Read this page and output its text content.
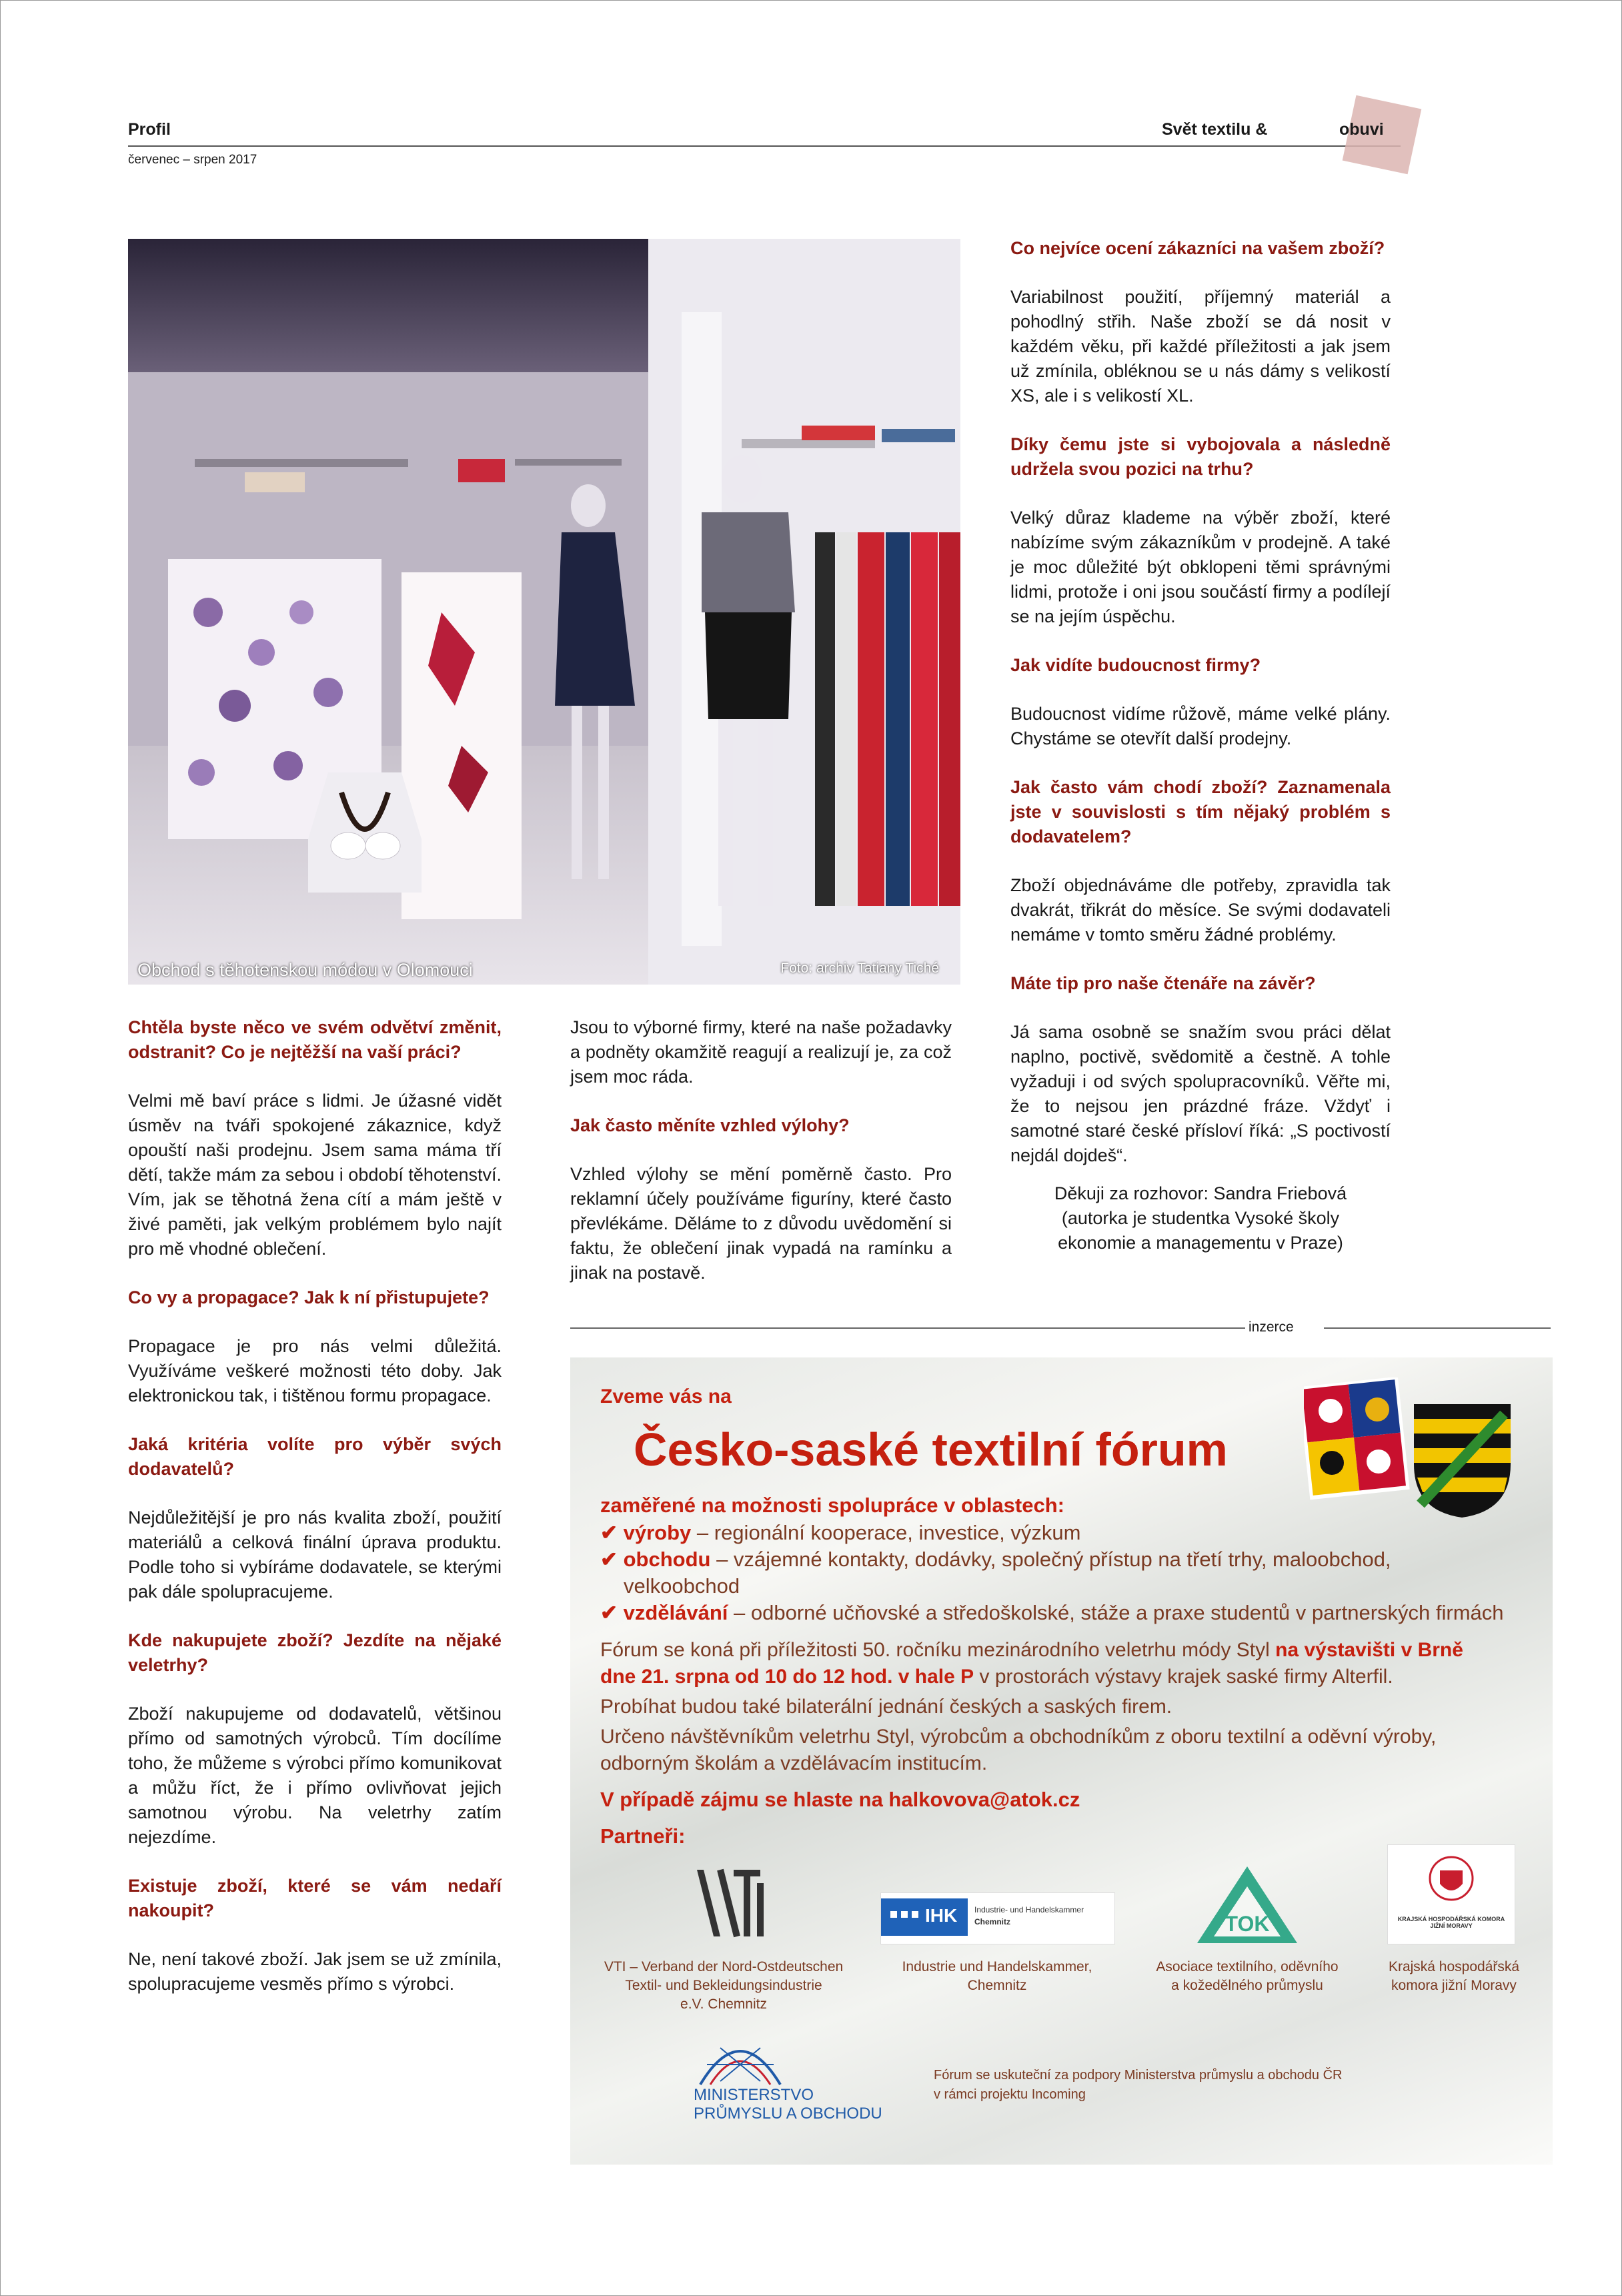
Profil
červenec – srpen 2017
Svět textilu &	obuvi
Obchod s těhotenskou módou v Olomouci	Foto: archiv Tatiany Tiché

Chtěla byste něco ve svém odvětví změnit, odstranit? Co je nejtěžší na vaší práci?

Velmi mě baví práce s lidmi. Je úžasné vidět úsměv na tváři spokojené zákaznice, když opouští naši prodejnu. Jsem sama máma tří dětí, takže mám za sebou i období těhotenství. Vím, jak se těhotná žena cítí a mám ještě v živé paměti, jak velkým problémem bylo najít pro mě vhodné oblečení.

Co vy a propagace? Jak k ní přistupujete?

Propagace je pro nás velmi důležitá. Využíváme veškeré možnosti této doby. Jak elektronickou tak, i tištěnou formu propagace.

Jaká kritéria volíte pro výběr svých dodavatelů?

Nejdůležitější je pro nás kvalita zboží, použití materiálů a celková finální úprava produktu. Podle toho si vybíráme dodavatele, se kterými pak dále spolupracujeme.

Kde nakupujete zboží? Jezdíte na nějaké veletrhy?

Zboží nakupujeme od dodavatelů, většinou přímo od samotných výrobců. Tím docílíme toho, že můžeme s výrobci přímo komunikovat a můžu říct, že i přímo ovlivňovat jejich samotnou výrobu. Na veletrhy zatím nejezdíme.

Existuje zboží, které se vám nedaří nakoupit?

Ne, není takové zboží. Jak jsem se už zmínila, spolupracujeme vesměs přímo s výrobci.

Jsou to výborné firmy, které na naše požadavky a podněty okamžitě reagují a realizují je, za což jsem moc ráda.

Jak často měníte vzhled výlohy?

Vzhled výlohy se mění poměrně často. Pro reklamní účely používáme figuríny, které často převlékáme. Děláme to z důvodu uvědomění si faktu, že oblečení jinak vypadá na ramínku a jinak na postavě.

Co nejvíce ocení zákazníci na vašem zboží?

Variabilnost použití, příjemný materiál a pohodlný střih. Naše zboží se dá nosit v každém věku, při každé příležitosti a jak jsem už zmínila, obléknou se u nás dámy s velikostí XS, ale i s velikostí XL.

Díky čemu jste si vybojovala a následně udržela svou pozici na trhu?

Velký důraz klademe na výběr zboží, které nabízíme svým zákazníkům v prodejně. A také je moc důležité být obklopeni těmi správnými lidmi, protože i oni jsou součástí firmy a podílejí se na jejím úspěchu.

Jak vidíte budoucnost firmy?

Budoucnost vidíme růžově, máme velké plány. Chystáme se otevřít další prodejny.

Jak často vám chodí zboží? Zaznamenala jste v souvislosti s tím nějaký problém s dodavatelem?

Zboží objednáváme dle potřeby, zpravidla tak dvakrát, třikrát do měsíce. Se svými dodavateli nemáme v tomto směru žádné problémy.

Máte tip pro naše čtenáře na závěr?

Já sama osobně se snažím svou práci dělat naplno, poctivě, svědomitě a čestně. A tohle vyžaduji i od svých spolupracovníků. Věřte mi, že to nejsou jen prázdné fráze. Vždyť i samotné staré české přísloví říká: „S poctivostí nejdál dojdeš“.

Děkuji za rozhovor: Sandra Friebová

(autorka je studentka Vysoké školy

ekonomie a managementu v Praze)

inzerce
Zveme vás na
Česko-saské textilní fórum
zaměřené na možnosti spolupráce v oblastech:
✔ výroby – regionální kooperace, investice, výzkum
✔ obchodu – vzájemné kontakty, dodávky, společný přístup na třetí trhy, maloobchod,
velkoobchod
✔ vzdělávání – odborné učňovské a středoškolské, stáže a praxe studentů v partnerských firmách
Fórum se koná při příležitosti 50. ročníku mezinárodního veletrhu módy Styl na výstavišti v Brně
dne 21. srpna od 10 do 12 hod. v hale P v prostorách výstavy krajek saské firmy Alterfil.
Probíhat budou také bilaterální jednání českých a saských firem.
Určeno návštěvníkům veletrhu Styl, výrobcům a obchodníkům z oboru textilní a oděvní výroby,
odborným školám a vzdělávacím institucím.
V případě zájmu se hlaste na halkovova@atok.cz
Partneři:
IHK Industrie- und Handelskammer
Chemnitz	TOK	KRAJSKÁ HOSPODÁŘSKÁ KOMORA JIŽNÍ MORAVY
VTI – Verband der Nord-Ostdeutschen
Textil- und Bekleidungsindustrie
e.V. Chemnitz
Industrie und Handelskammer,
Chemnitz
Asociace textilního, oděvního
a kožedělného průmyslu
Krajská hospodářská
komora jižní Moravy
MINISTERSTVO
PRŮMYSLU A OBCHODU
Fórum se uskuteční za podpory Ministerstva průmyslu a obchodu ČR
v rámci projektu Incoming
